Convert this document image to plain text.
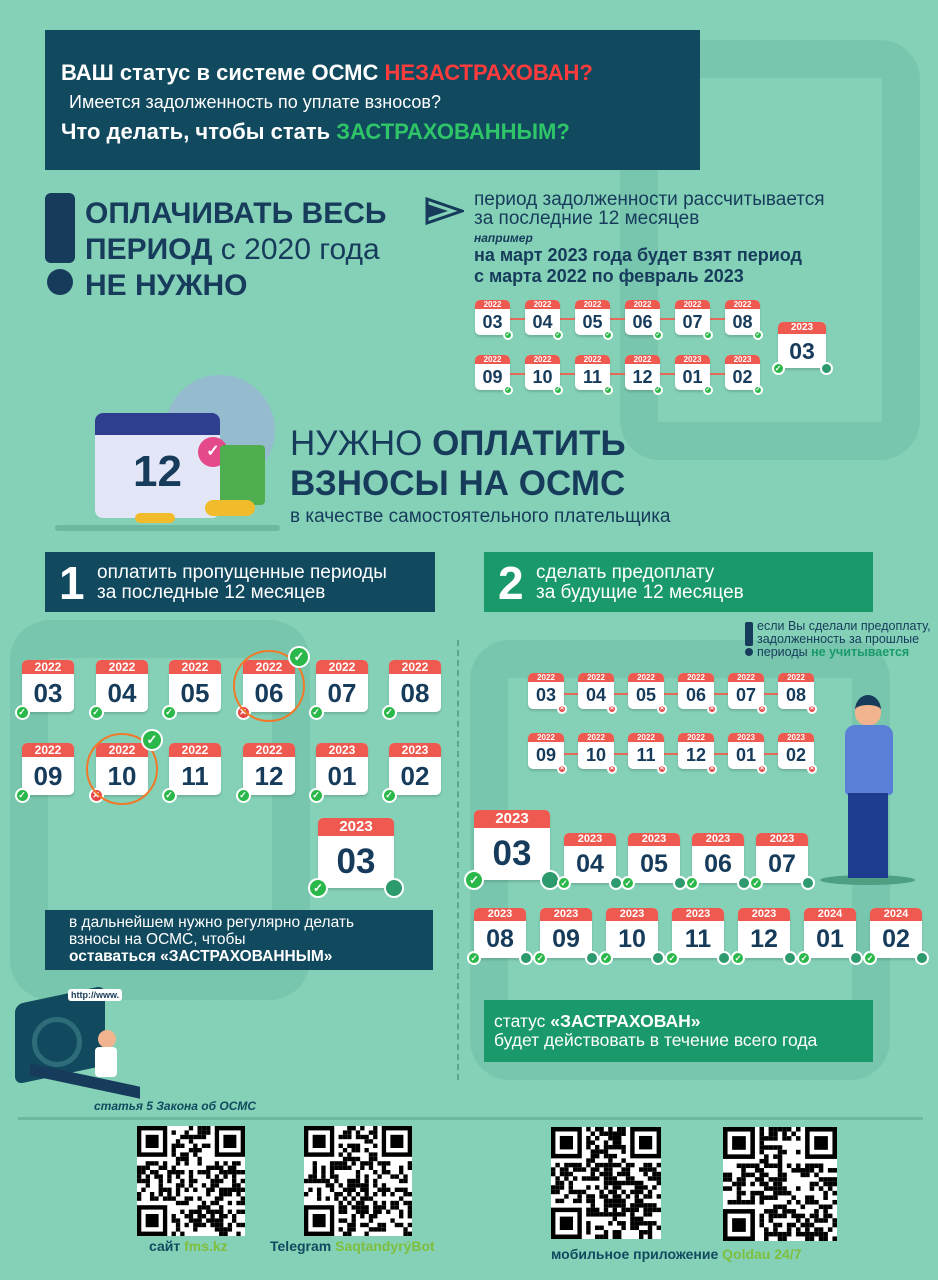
ВАШ статус в системе ОСМС НЕЗАСТРАХОВАН?
Имеется задолженность по уплате взносов?
Что делать, чтобы стать ЗАСТРАХОВАННЫМ?
ОПЛАЧИВАТЬ ВЕСЬ
ПЕРИОД с 2020 года
НЕ НУЖНО
период задолженности рассчитывается
за последние 12 месяцев
например
на март 2023 года будет взят период
с марта 2022 по февраль 2023
12	✓ НУЖНО ОПЛАТИТЬ
ВЗНОСЫ НА ОСМС
в качестве самостоятельного плательщика
1 оплатить пропущенные периоды
за последные 12 месяцев	2 сделать предоплату
за будущие 12 месяцев
если Вы сделали предоплату,
задолженность за прошлые
периоды не учитывается
в дальнейшем нужно регулярно делать
взносы на ОСМС, чтобы
оставаться «ЗАСТРАХОВАННЫМ»
статус «ЗАСТРАХОВАН»
будет действовать в течение всего года
http://www.
статья 5 Закона об ОСМС
сайт fms.kz	Telegram SaqtandyrýBot	мобильное приложение Qoldau 24/7
2022
03
✓
2022
04
✓
2022
05
✓
2022
06
✓
2022
07
✓
2022
08
✓
2022
09
✓
2022
10
✓
2022
11
✓
2022
12
✓
2023
01
✓
2023
02
✓
2023
03
✓
2022
03
✓
2022
04
✓
2022
05
✓
2022
06
✕
✓
2022
07
✓
2022
08
✓
2022
09
✓
2022
10
✕
✓
2022
11
✓
2022
12
✓
2023
01
✓
2023
02
✓
2023
03
✓
2022
03
✕
2022
04
✕
2022
05
✕
2022
06
✕
2022
07
✕
2022
08
✕
2022
09
✕
2022
10
✕
2022
11
✕
2022
12
✕
2023
01
✕
2023
02
✕
2023
03
✓
2023
04
✓
2023
05
✓
2023
06
✓
2023
07
✓
2023
08
✓
2023
09
✓
2023
10
✓
2023
11
✓
2023
12
✓
2024
01
✓
2024
02
✓
